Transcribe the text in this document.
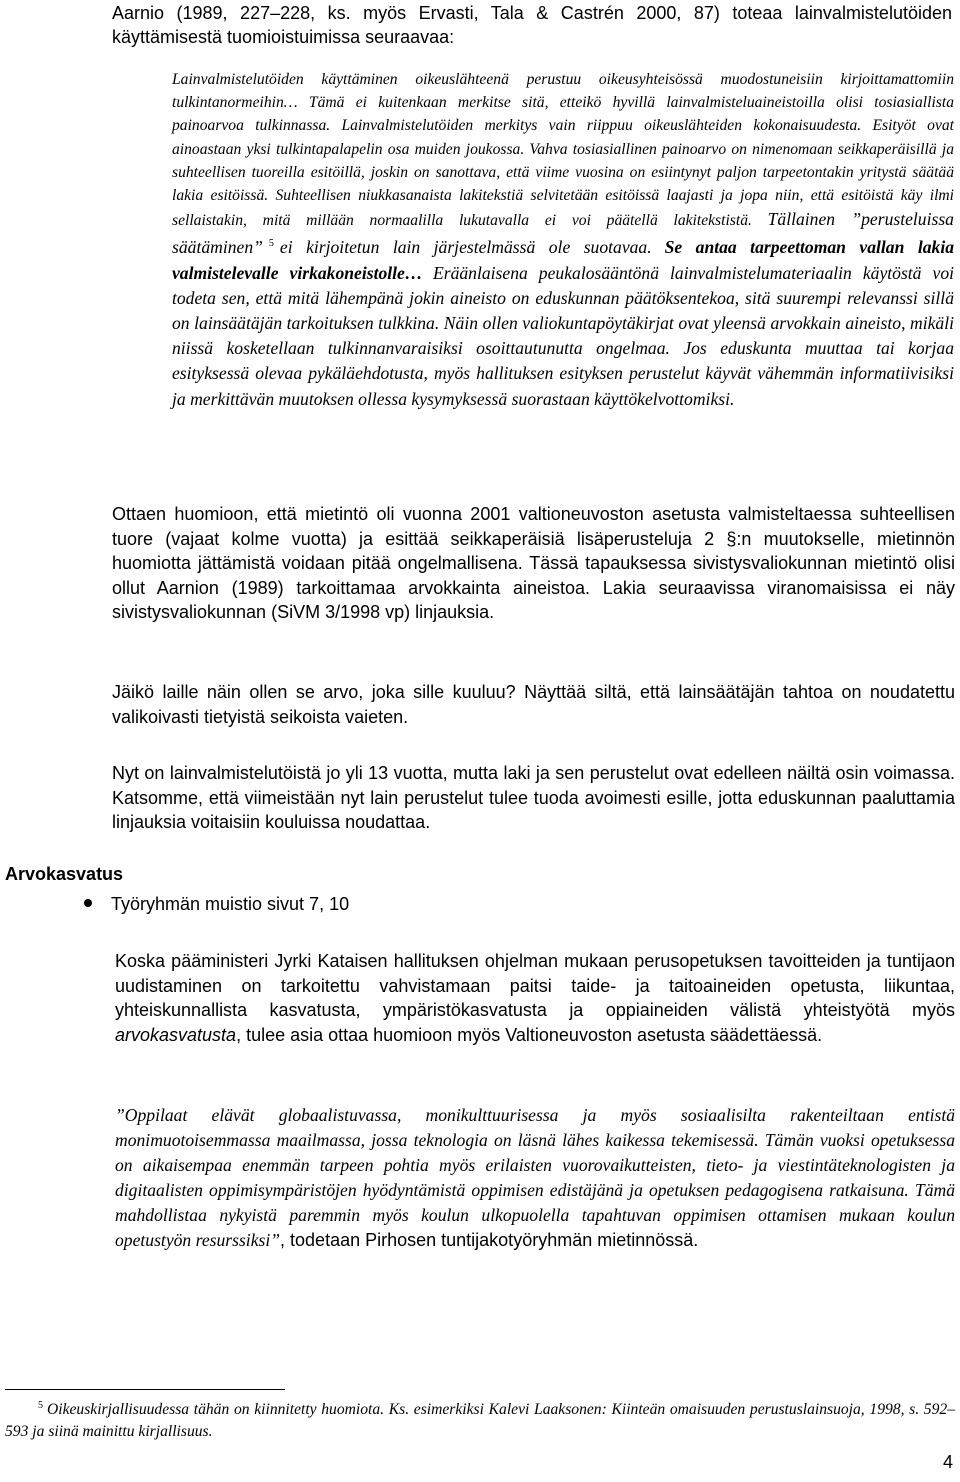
Aarnio (1989, 227–228, ks. myös Ervasti, Tala & Castrén 2000, 87) toteaa lainvalmistelutöiden käyttämisestä tuomioistuimissa seuraavaa:

Lainvalmistelutöiden käyttäminen oikeuslähteenä perustuu oikeusyhteisössä muodostuneisiin kirjoittamattomiin tulkintanormeihin… Tämä ei kuitenkaan merkitse sitä, etteikö hyvillä lainvalmisteluaineistoilla olisi tosiasiallista painoarvoa tulkinnassa. Lainvalmistelutöiden merkitys vain riippuu oikeuslähteiden kokonaisuudesta. Esityöt ovat ainoastaan yksi tulkintapalapelin osa muiden joukossa. Vahva tosiasiallinen painoarvo on nimenomaan seikkaperäisillä ja suhteellisen tuoreilla esitöillä, joskin on sanottava, että viime vuosina on esiintynyt paljon tarpeetontakin yritystä säätää lakia esitöissä. Suhteellisen niukkasanaista lakitekstiä selvitetään esitöissä laajasti ja jopa niin, että esitöistä käy ilmi sellaistakin, mitä millään normaalilla lukutavalla ei voi päätellä lakitekstistä. Tällainen ”perusteluissa säätäminen” $^5$ ei kirjoitetun lain järjestelmässä ole suotavaa. Se antaa tarpeettoman vallan lakia valmistelevalle virkakoneistolle… Eräänlaisena peukalosääntönä lainvalmistelumateriaalin käytöstä voi todeta sen, että mitä lähempänä jokin aineisto on eduskunnan päätöksentekoa, sitä suurempi relevanssi sillä on lainsäätäjän tarkoituksen tulkkina. Näin ollen valiokuntapöytäkirjat ovat yleensä arvokkain aineisto, mikäli niissä kosketellaan tulkinnanvaraisiksi osoittautunutta ongelmaa. Jos eduskunta muuttaa tai korjaa esityksessä olevaa pykäläehdotusta, myös hallituksen esityksen perustelut käyvät vähemmän informatiivisiksi ja merkittävän muutoksen ollessa kysymyksessä suorastaan käyttökelvottomiksi.

Ottaen huomioon, että mietintö oli vuonna 2001 valtioneuvoston asetusta valmisteltaessa suhteellisen tuore (vajaat kolme vuotta) ja esittää seikkaperäisiä lisäperusteluja 2 §:n muutokselle, mietinnön huomiotta jättämistä voidaan pitää ongelmallisena. Tässä tapauksessa sivistysvaliokunnan mietintö olisi ollut Aarnion (1989) tarkoittamaa arvokkainta aineistoa. Lakia seuraavissa viranomaisissa ei näy sivistysvaliokunnan (SiVM 3/1998 vp) linjauksia.

Jäikö laille näin ollen se arvo, joka sille kuuluu? Näyttää siltä, että lainsäätäjän tahtoa on noudatettu valikoivasti tietyistä seikoista vaieten.

Nyt on lainvalmistelutöistä jo yli 13 vuotta, mutta laki ja sen perustelut ovat edelleen näiltä osin voimassa. Katsomme, että viimeistään nyt lain perustelut tulee tuoda avoimesti esille, jotta eduskunnan paaluttamia linjauksia voitaisiin kouluissa noudattaa.

Arvokasvatus
Työryhmän muistio sivut 7, 10

Koska pääministeri Jyrki Kataisen hallituksen ohjelman mukaan perusopetuksen tavoitteiden ja tuntijaon uudistaminen on tarkoitettu vahvistamaan paitsi taide- ja taitoaineiden opetusta, liikuntaa, yhteiskunnallista kasvatusta, ympäristökasvatusta ja oppiaineiden välistä yhteistyötä myös arvokasvatusta, tulee asia ottaa huomioon myös Valtioneuvoston asetusta säädettäessä.

”Oppilaat elävät globaalistuvassa, monikulttuurisessa ja myös sosiaalisilta rakenteiltaan entistä monimuotoisemmassa maailmassa, jossa teknologia on läsnä lähes kaikessa tekemisessä. Tämän vuoksi opetuksessa on aikaisempaa enemmän tarpeen pohtia myös erilaisten vuorovaikutteisten, tieto- ja viestintäteknologisten ja digitaalisten oppimisympäristöjen hyödyntämistä oppimisen edistäjänä ja opetuksen pedagogisena ratkaisuna. Tämä mahdollistaa nykyistä paremmin myös koulun ulkopuolella tapahtuvan oppimisen ottamisen mukaan koulun opetustyön resurssiksi”, todetaan Pirhosen tuntijakotyöryhmän mietinnössä.

$^5$ Oikeuskirjallisuudessa tähän on kiinnitetty huomiota. Ks. esimerkiksi Kalevi Laaksonen: Kiinteän omaisuuden perustuslainsuoja, 1998, s. 592–593 ja siinä mainittu kirjallisuus.

4
